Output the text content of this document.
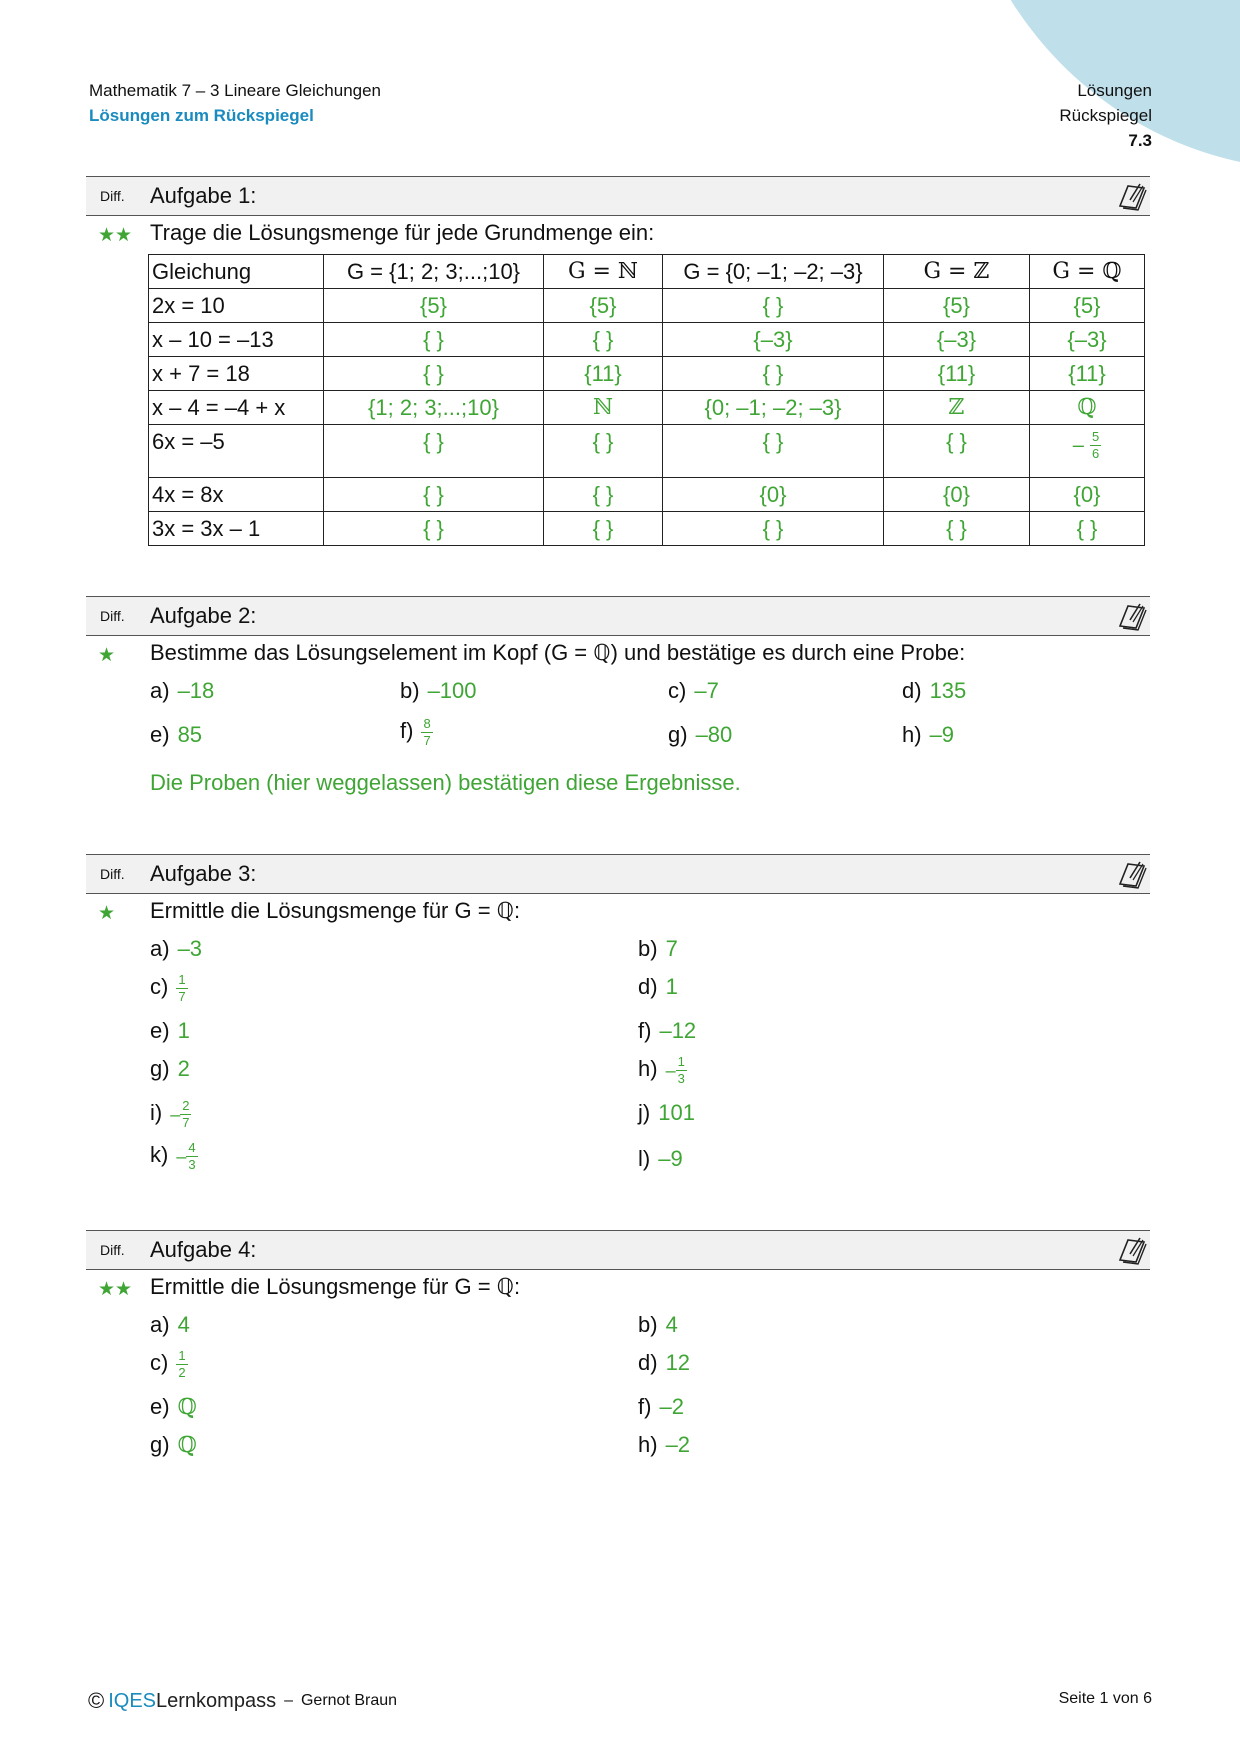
Mathematik 7 – 3 Lineare Gleichungen
Lösungen zum Rückspiegel
Lösungen
Rückspiegel
7.3
Diff. Aufgabe 1:
★★ Trage die Lösungsmenge für jede Grundmenge ein:
Gleichung	G = {1; 2; 3;...;10}	G = ℕ	G = {0; –1; –2; –3}	G = ℤ	G = ℚ
2x = 10	{5}	{5}	{ }	{5}	{5}
x – 10 = –13	{ }	{ }	{–3}	{–3}	{–3}
x + 7 = 18	{ }	{11}	{ }	{11}	{11}
x – 4 = –4 + x	{1; 2; 3;...;10}	ℕ	{0; –1; –2; –3}	ℤ	ℚ
6x = –5	{ }	{ }	{ }	{ }	– $\frac{5}{6}$

4x = 8x	{ }	{ }	{0}	{0}	{0}
3x = 3x – 1	{ }	{ }	{ }	{ }	{ }
Diff. Aufgabe 2:
★ Bestimme das Lösungselement im Kopf (G = ℚ) und bestätige es durch eine Probe:
a) –18	b) –100	c) –7	d) 135
e) 85	$f) \frac{8}{7}$	g) –80	h) –9
Die Proben (hier weggelassen) bestätigen diese Ergebnisse.
Diff. Aufgabe 3:
★ Ermittle die Lösungsmenge für G = ℚ:
a) –3	b) 7
$c) \frac{1}{7}$	d) 1
e) 1	f) –12
g) 2	$h) - \frac{1}{3}$
$i) - \frac{2}{7}$	j) 101
$k) - \frac{4}{3}$	l) –9
Diff. Aufgabe 4:
★★ Ermittle die Lösungsmenge für G = ℚ:
a) 4	b) 4
$c) \frac{1}{2}$	d) 12
e) ℚ	f) –2
g) ℚ	h) –2
© IQES Lernkompass – Gernot Braun	Seite 1 von 6
